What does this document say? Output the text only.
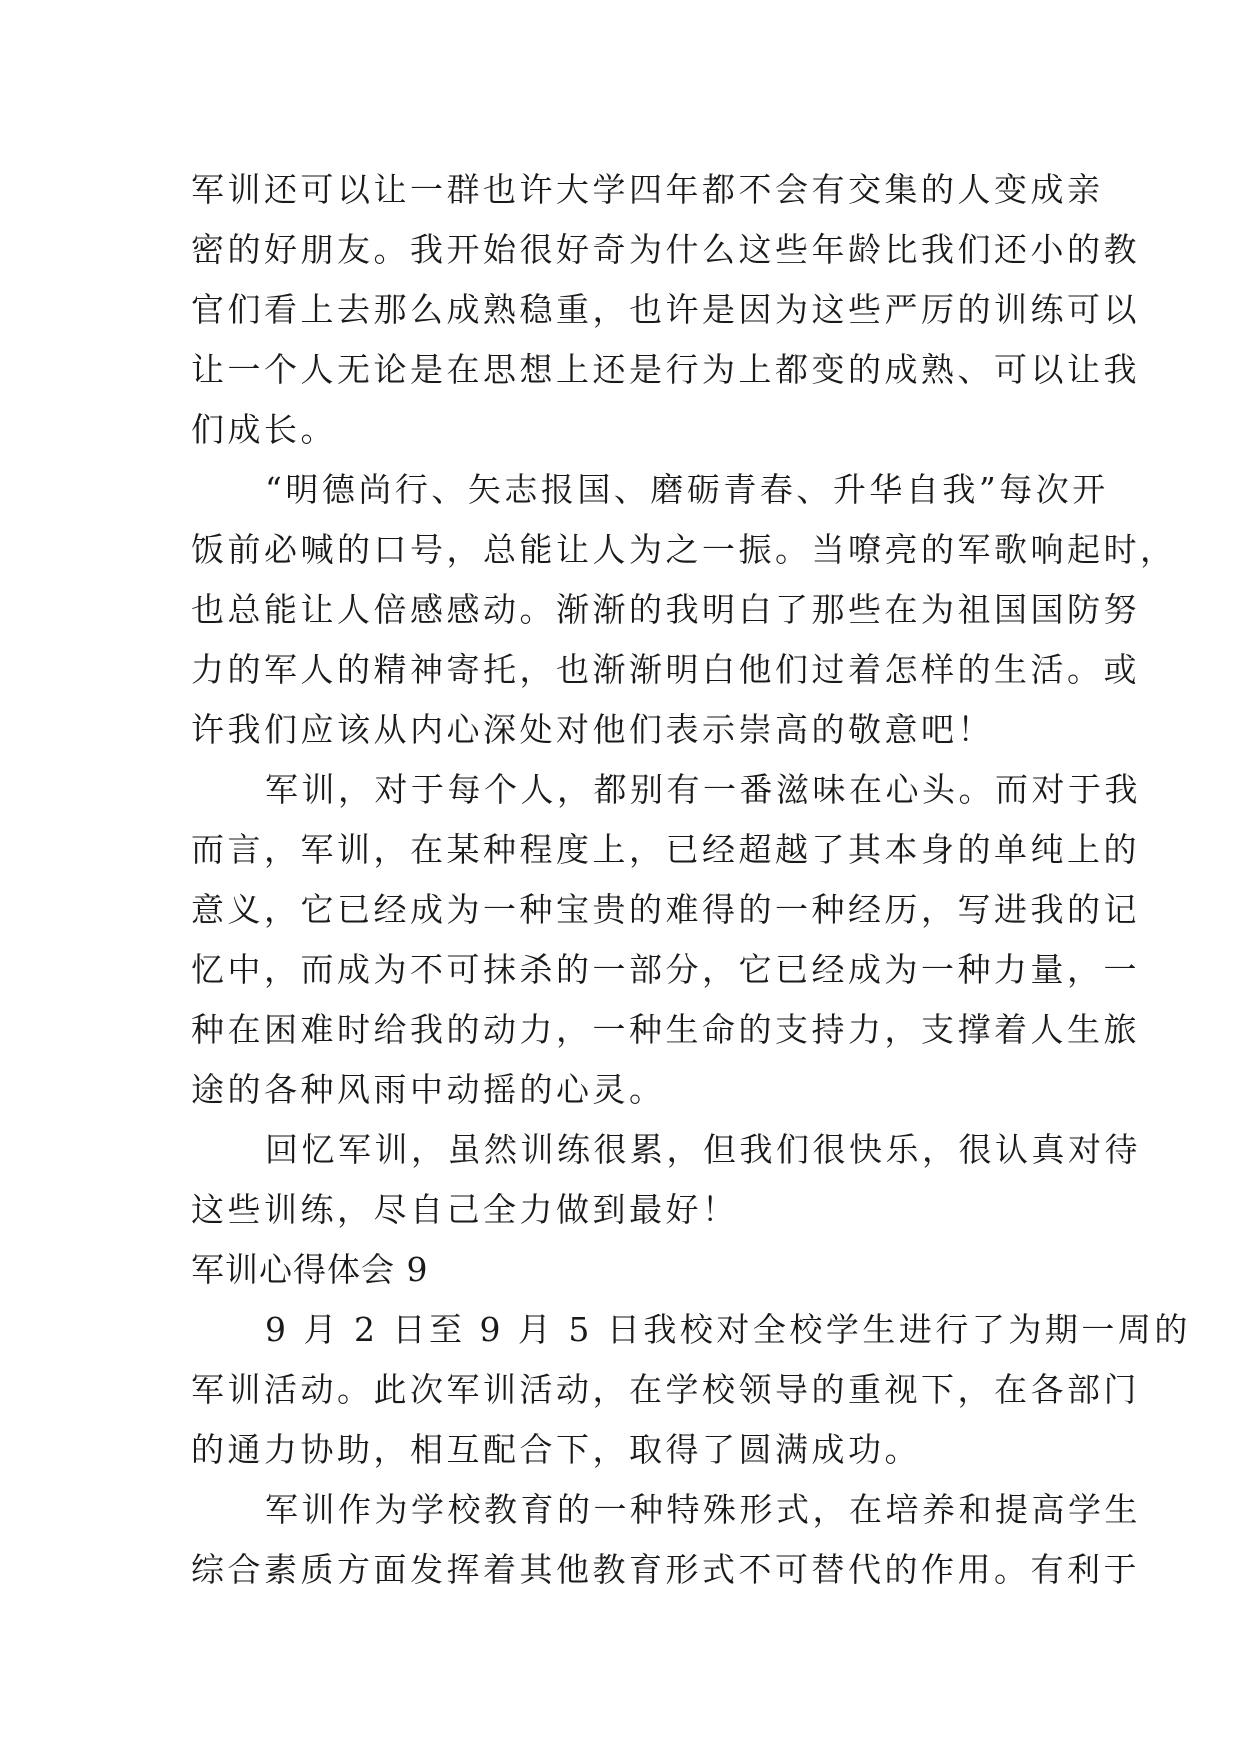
军训还可以让一群也许大学四年都不会有交集的人变成亲
密的好朋友。我开始很好奇为什么这些年龄比我们还小的教
官们看上去那么成熟稳重，也许是因为这些严厉的训练可以
让一个人无论是在思想上还是行为上都变的成熟、可以让我
们成长。
“明德尚行、矢志报国、磨砺青春、升华自我”每次开
饭前必喊的口号，总能让人为之一振。当嘹亮的军歌响起时，
也总能让人倍感感动。渐渐的我明白了那些在为祖国国防努
力的军人的精神寄托，也渐渐明白他们过着怎样的生活。或
许我们应该从内心深处对他们表示崇高的敬意吧！
军训，对于每个人，都别有一番滋味在心头。而对于我
而言，军训，在某种程度上，已经超越了其本身的单纯上的
意义，它已经成为一种宝贵的难得的一种经历，写进我的记
忆中，而成为不可抹杀的一部分，它已经成为一种力量，一
种在困难时给我的动力，一种生命的支持力，支撑着人生旅
途的各种风雨中动摇的心灵。
回忆军训，虽然训练很累，但我们很快乐，很认真对待
这些训练，尽自己全力做到最好！
军训心得体会 9
9 月 2 日至 9 月 5 日我校对全校学生进行了为期一周的
军训活动。此次军训活动，在学校领导的重视下，在各部门
的通力协助，相互配合下，取得了圆满成功。
军训作为学校教育的一种特殊形式，在培养和提高学生
综合素质方面发挥着其他教育形式不可替代的作用。有利于
